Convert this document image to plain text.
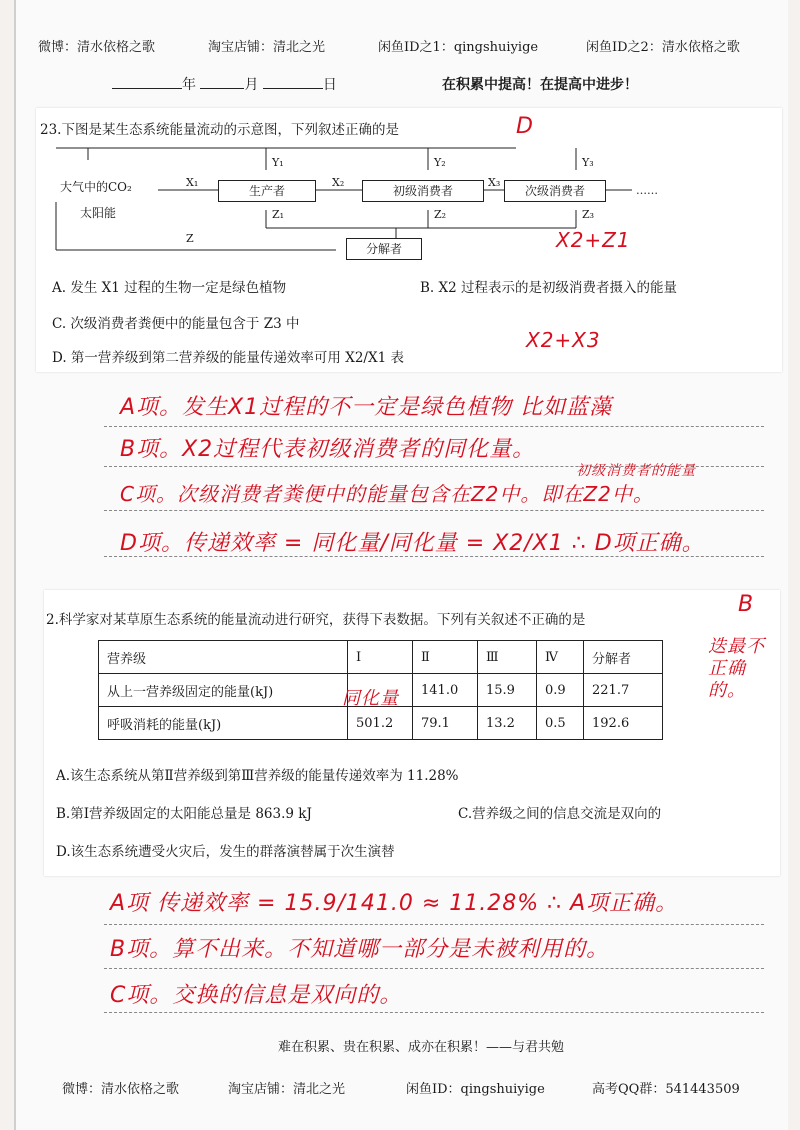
微博：清水依格之歌	淘宝店铺：清北之光	闲鱼ID之1：qingshuiyige	闲鱼ID之2：清水依格之歌
年	月	日	在积累中提高！在提高中进步！
23.下图是某生态系统能量流动的示意图，下列叙述正确的是
大气中的CO₂
太阳能
生产者	初级消费者	次级消费者
分解者
……
X₁	X₂	X₃
Y₁	Y₂	Y₃
Z₁	Z₂	Z₃
Z
A. 发生 X1 过程的生物一定是绿色植物	B. X2 过程表示的是初级消费者摄入的能量
C. 次级消费者粪便中的能量包含于 Z3 中
D. 第一营养级到第二营养级的能量传递效率可用 X2/X1 表
D
X2+Z1
X2+X3
A项。发生X1过程的不一定是绿色植物 比如蓝藻
B项。X2过程代表初级消费者的同化量。
初级消费者的能量
C项。次级消费者粪便中的能量包含在Z2中。即在Z2中。
D项。传递效率 = 同化量/同化量 = X2/X1 ∴ D项正确。
2.科学家对某草原生态系统的能量流动进行研究，获得下表数据。下列有关叙述不正确的是
营养级	Ⅰ	Ⅱ	Ⅲ	Ⅳ	分解者
从上一营养级固定的能量(kJ)		141.0	15.9	0.9	221.7
呼吸消耗的能量(kJ)	501.2	79.1	13.2	0.5	192.6
A.该生态系统从第Ⅱ营养级到第Ⅲ营养级的能量传递效率为 11.28%
B.第Ⅰ营养级固定的太阳能总量是 863.9 kJ	C.营养级之间的信息交流是双向的
D.该生态系统遭受火灾后，发生的群落演替属于次生演替
B
迭最不正确的。
同化量
A项 传递效率 = 15.9/141.0 ≈ 11.28% ∴ A项正确。
B项。算不出来。不知道哪一部分是未被利用的。
C项。交换的信息是双向的。
难在积累、贵在积累、成亦在积累！——与君共勉
微博：清水依格之歌	淘宝店铺：清北之光	闲鱼ID：qingshuiyige	高考QQ群：541443509
